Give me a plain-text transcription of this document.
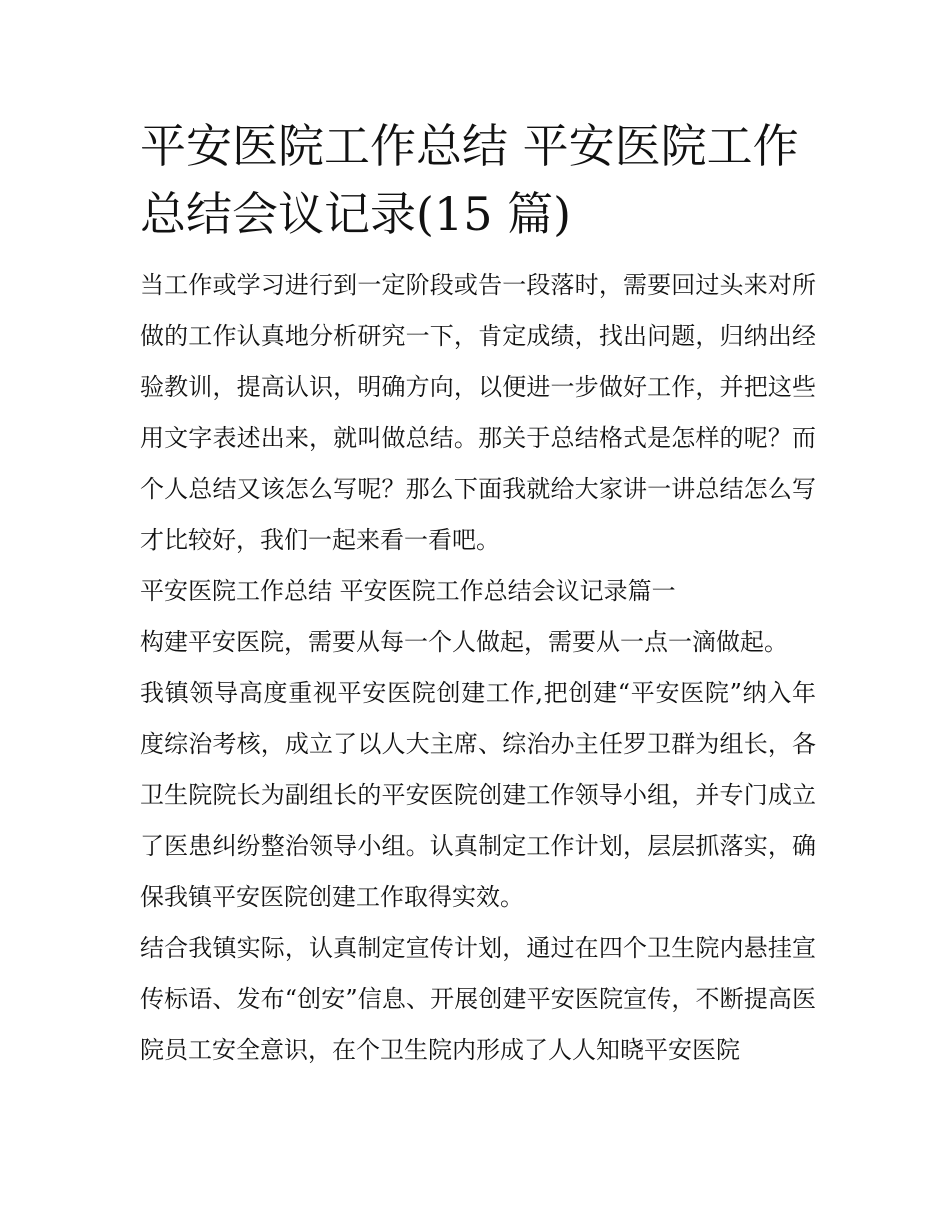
平安医院工作总结 平安医院工作总结会议记录(15 篇)

当工作或学习进行到一定阶段或告一段落时，需要回过头来对所做的工作认真地分析研究一下，肯定成绩，找出问题，归纳出经验教训，提高认识，明确方向，以便进一步做好工作，并把这些用文字表述出来，就叫做总结。那关于总结格式是怎样的呢？而个人总结又该怎么写呢？那么下面我就给大家讲一讲总结怎么写才比较好，我们一起来看一看吧。

平安医院工作总结 平安医院工作总结会议记录篇一

构建平安医院，需要从每一个人做起，需要从一点一滴做起。

我镇领导高度重视平安医院创建工作,把创建“平安医院”纳入年度综治考核，成立了以人大主席、综治办主任罗卫群为组长，各卫生院院长为副组长的平安医院创建工作领导小组，并专门成立了医患纠纷整治领导小组。认真制定工作计划，层层抓落实，确保我镇平安医院创建工作取得实效。

结合我镇实际，认真制定宣传计划，通过在四个卫生院内悬挂宣传标语、发布“创安”信息、开展创建平安医院宣传，不断提高医院员工安全意识，在个卫生院内形成了人人知晓平安医院
